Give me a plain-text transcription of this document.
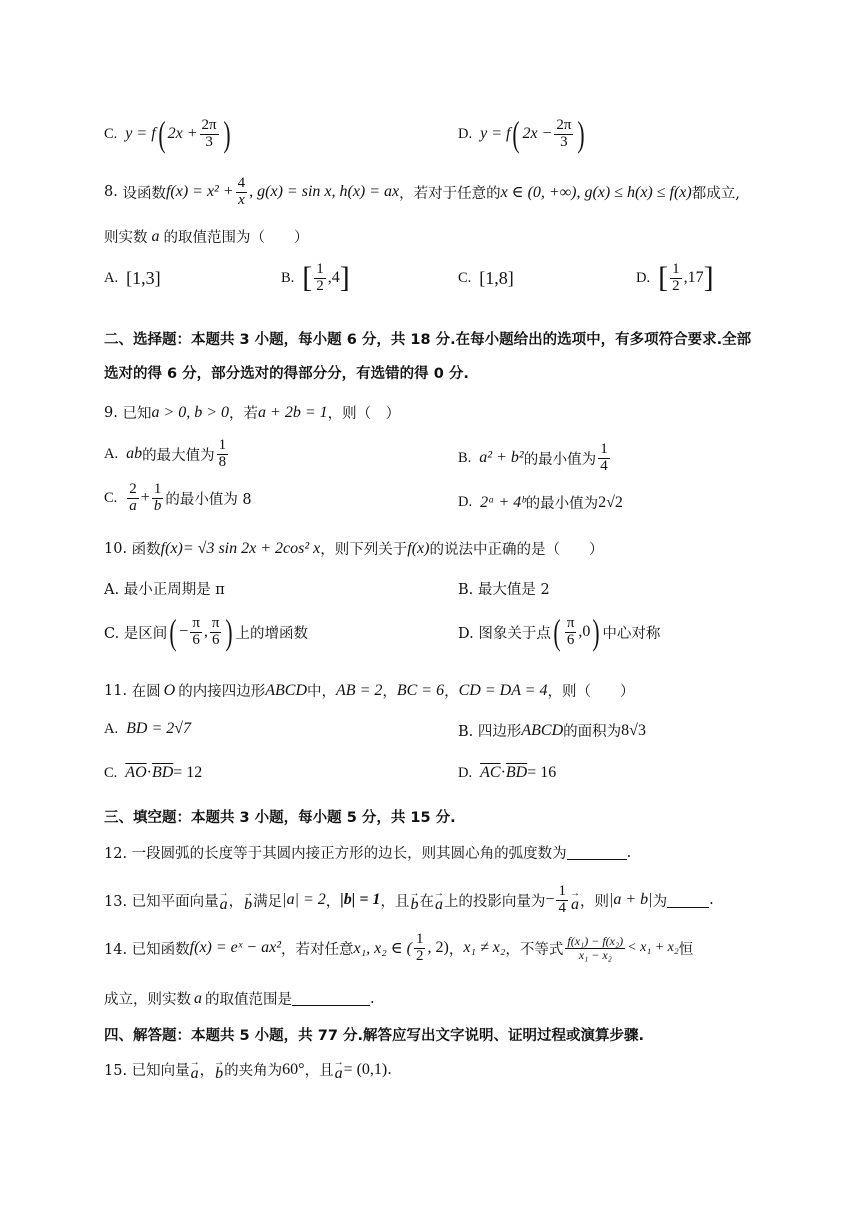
C. y = f ( $2x + \frac{2\pi}{3}$ )	D. y = f ( $2x - \frac{2\pi}{3}$ )
8.
设函数 $f(x) = x^2 + \frac{4}{x}$ , g(x) = sin x, h(x) = ax ，若对于任意的 x ∈ (0, +∞), g(x) ≤ h(x) ≤ f(x) 都成立,
则实数 a 的取值范围为（　　）
A. [1,3]	B. [ $\frac{1}{2} ,4$ ]	C. [1,8]	D. [ $\frac{1}{2} ,17$ ]
二、选择题：本题共 3 小题，每小题 6 分，共 18 分.在每小题给出的选项中，有多项符合要求.全部
选对的得 6 分，部分选对的得部分分，有选错的得 0 分.
9.
已知 a > 0, b > 0 ，若 a + 2b = 1 ，则（　）
A. ab 的最大值为 $\frac{1}{8}$	B. a² + b² 的最小值为 $\frac{1}{4}$
C. $\frac{2}{a} + \frac{1}{b}$ 的最小值为 8	D. 2ᵃ + 4ᵇ 的最小值为 2√2
10.
函数 f(x) = √3 sin 2x + 2cos² x ，则下列关于 f(x) 的说法中正确的是（　　）
A. 最小正周期是 π	B. 最大值是 2
C. 是区间 ( − $\frac{\pi}{6}$ , $\frac{\pi}{6}$ ) 上的增函数	D. 图象关于点 ( $\frac{\pi}{6} ,0$ ) 中心对称
11.
在圆 O 的内接四边形 ABCD 中， AB = 2 ， BC = 6 ， CD = DA = 4 ，则（　　）
A. BD = 2√7	B. 四边形 ABCD 的面积为 8√3
C. $\overline{AO} \cdot \overline{BD} = 12$	D. $\overline{AC} \cdot \overline{BD} = 16$
三、填空题：本题共 3 小题，每小题 5 分，共 15 分.
12. 一段圆弧的长度等于其圆内接正方形的边长，则其圆心角的弧度数为	.
13. 已知平面向量
→
a ，
→
b 满足 |a| = 2 ， |b| = 1 ，且
→
b 在
→
a 上的投影向量为 − $\frac{1}{4}$ →
a ，则 |a + b| 为	.
14. 已知函数 f(x) = eˣ − ax² ，若对任意 x₁, x₂ ∈ ( $\frac{1}{2}$ , 2) ， x₁ ≠ x₂ ，不等式 $\frac{\text{f(x₁) − f(x₂)}}{\text{x₁ − x₂}} < x_1 + x_2$ 恒
成立，则实数 a 的取值范围是	.
四、解答题：本题共 5 小题，共 77 分.解答应写出文字说明、证明过程或演算步骤.
15. 已知向量
→
a ，
→
b 的夹角为 60° ，且
→
a = (0,1) .
